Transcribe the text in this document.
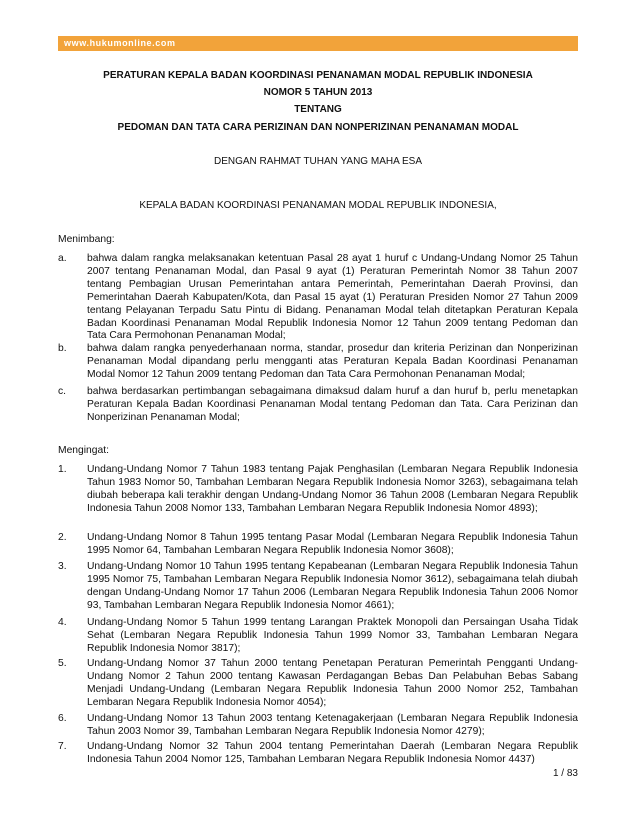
www.hukumonline.com
PERATURAN KEPALA BADAN KOORDINASI PENANAMAN MODAL REPUBLIK INDONESIA
NOMOR 5 TAHUN 2013
TENTANG
PEDOMAN DAN TATA CARA PERIZINAN DAN NONPERIZINAN PENANAMAN MODAL
DENGAN RAHMAT TUHAN YANG MAHA ESA
KEPALA BADAN KOORDINASI PENANAMAN MODAL REPUBLIK INDONESIA,
Menimbang:
a. bahwa dalam rangka melaksanakan ketentuan Pasal 28 ayat 1 huruf c Undang-Undang Nomor 25 Tahun 2007 tentang Penanaman Modal, dan Pasal 9 ayat (1) Peraturan Pemerintah Nomor 38 Tahun 2007 tentang Pembagian Urusan Pemerintahan antara Pemerintah, Pemerintahan Daerah Provinsi, dan Pemerintahan Daerah Kabupaten/Kota, dan Pasal 15 ayat (1) Peraturan Presiden Nomor 27 Tahun 2009 tentang Pelayanan Terpadu Satu Pintu di Bidang. Penanaman Modal telah ditetapkan Peraturan Kepala Badan Koordinasi Penanaman Modal Republik Indonesia Nomor 12 Tahun 2009 tentang Pedoman dan Tata Cara Permohonan Penanaman Modal;
b. bahwa dalam rangka penyederhanaan norma, standar, prosedur dan kriteria Perizinan dan Nonperizinan Penanaman Modal dipandang perlu mengganti atas Peraturan Kepala Badan Koordinasi Penanaman Modal Nomor 12 Tahun 2009 tentang Pedoman dan Tata Cara Permohonan Penanaman Modal;
c. bahwa berdasarkan pertimbangan sebagaimana dimaksud dalam huruf a dan huruf b, perlu menetapkan Peraturan Kepala Badan Koordinasi Penanaman Modal tentang Pedoman dan Tata. Cara Perizinan dan Nonperizinan Penanaman Modal;
Mengingat:
1. Undang-Undang Nomor 7 Tahun 1983 tentang Pajak Penghasilan (Lembaran Negara Republik Indonesia Tahun 1983 Nomor 50, Tambahan Lembaran Negara Republik Indonesia Nomor 3263), sebagaimana telah diubah beberapa kali terakhir dengan Undang-Undang Nomor 36 Tahun 2008 (Lembaran Negara Republik Indonesia Tahun 2008 Nomor 133, Tambahan Lembaran Negara Republik Indonesia Nomor 4893);
2. Undang-Undang Nomor 8 Tahun 1995 tentang Pasar Modal (Lembaran Negara Republik Indonesia Tahun 1995 Nomor 64, Tambahan Lembaran Negara Republik Indonesia Nomor 3608);
3. Undang-Undang Nomor 10 Tahun 1995 tentang Kepabeanan (Lembaran Negara Republik Indonesia Tahun 1995 Nomor 75, Tambahan Lembaran Negara Republik Indonesia Nomor 3612), sebagaimana telah diubah dengan Undang-Undang Nomor 17 Tahun 2006 (Lembaran Negara Republik Indonesia Tahun 2006 Nomor 93, Tambahan Lembaran Negara Republik Indonesia Nomor 4661);
4. Undang-Undang Nomor 5 Tahun 1999 tentang Larangan Praktek Monopoli dan Persaingan Usaha Tidak Sehat (Lembaran Negara Republik Indonesia Tahun 1999 Nomor 33, Tambahan Lembaran Negara Republik Indonesia Nomor 3817);
5. Undang-Undang Nomor 37 Tahun 2000 tentang Penetapan Peraturan Pemerintah Pengganti Undang-Undang Nomor 2 Tahun 2000 tentang Kawasan Perdagangan Bebas Dan Pelabuhan Bebas Sabang Menjadi Undang-Undang (Lembaran Negara Republik Indonesia Tahun 2000 Nomor 252, Tambahan Lembaran Negara Republik Indonesia Nomor 4054);
6. Undang-Undang Nomor 13 Tahun 2003 tentang Ketenagakerjaan (Lembaran Negara Republik Indonesia Tahun 2003 Nomor 39, Tambahan Lembaran Negara Republik Indonesia Nomor 4279);
7. Undang-Undang Nomor 32 Tahun 2004 tentang Pemerintahan Daerah (Lembaran Negara Republik Indonesia Tahun 2004 Nomor 125, Tambahan Lembaran Negara Republik Indonesia Nomor 4437)
1 / 83
